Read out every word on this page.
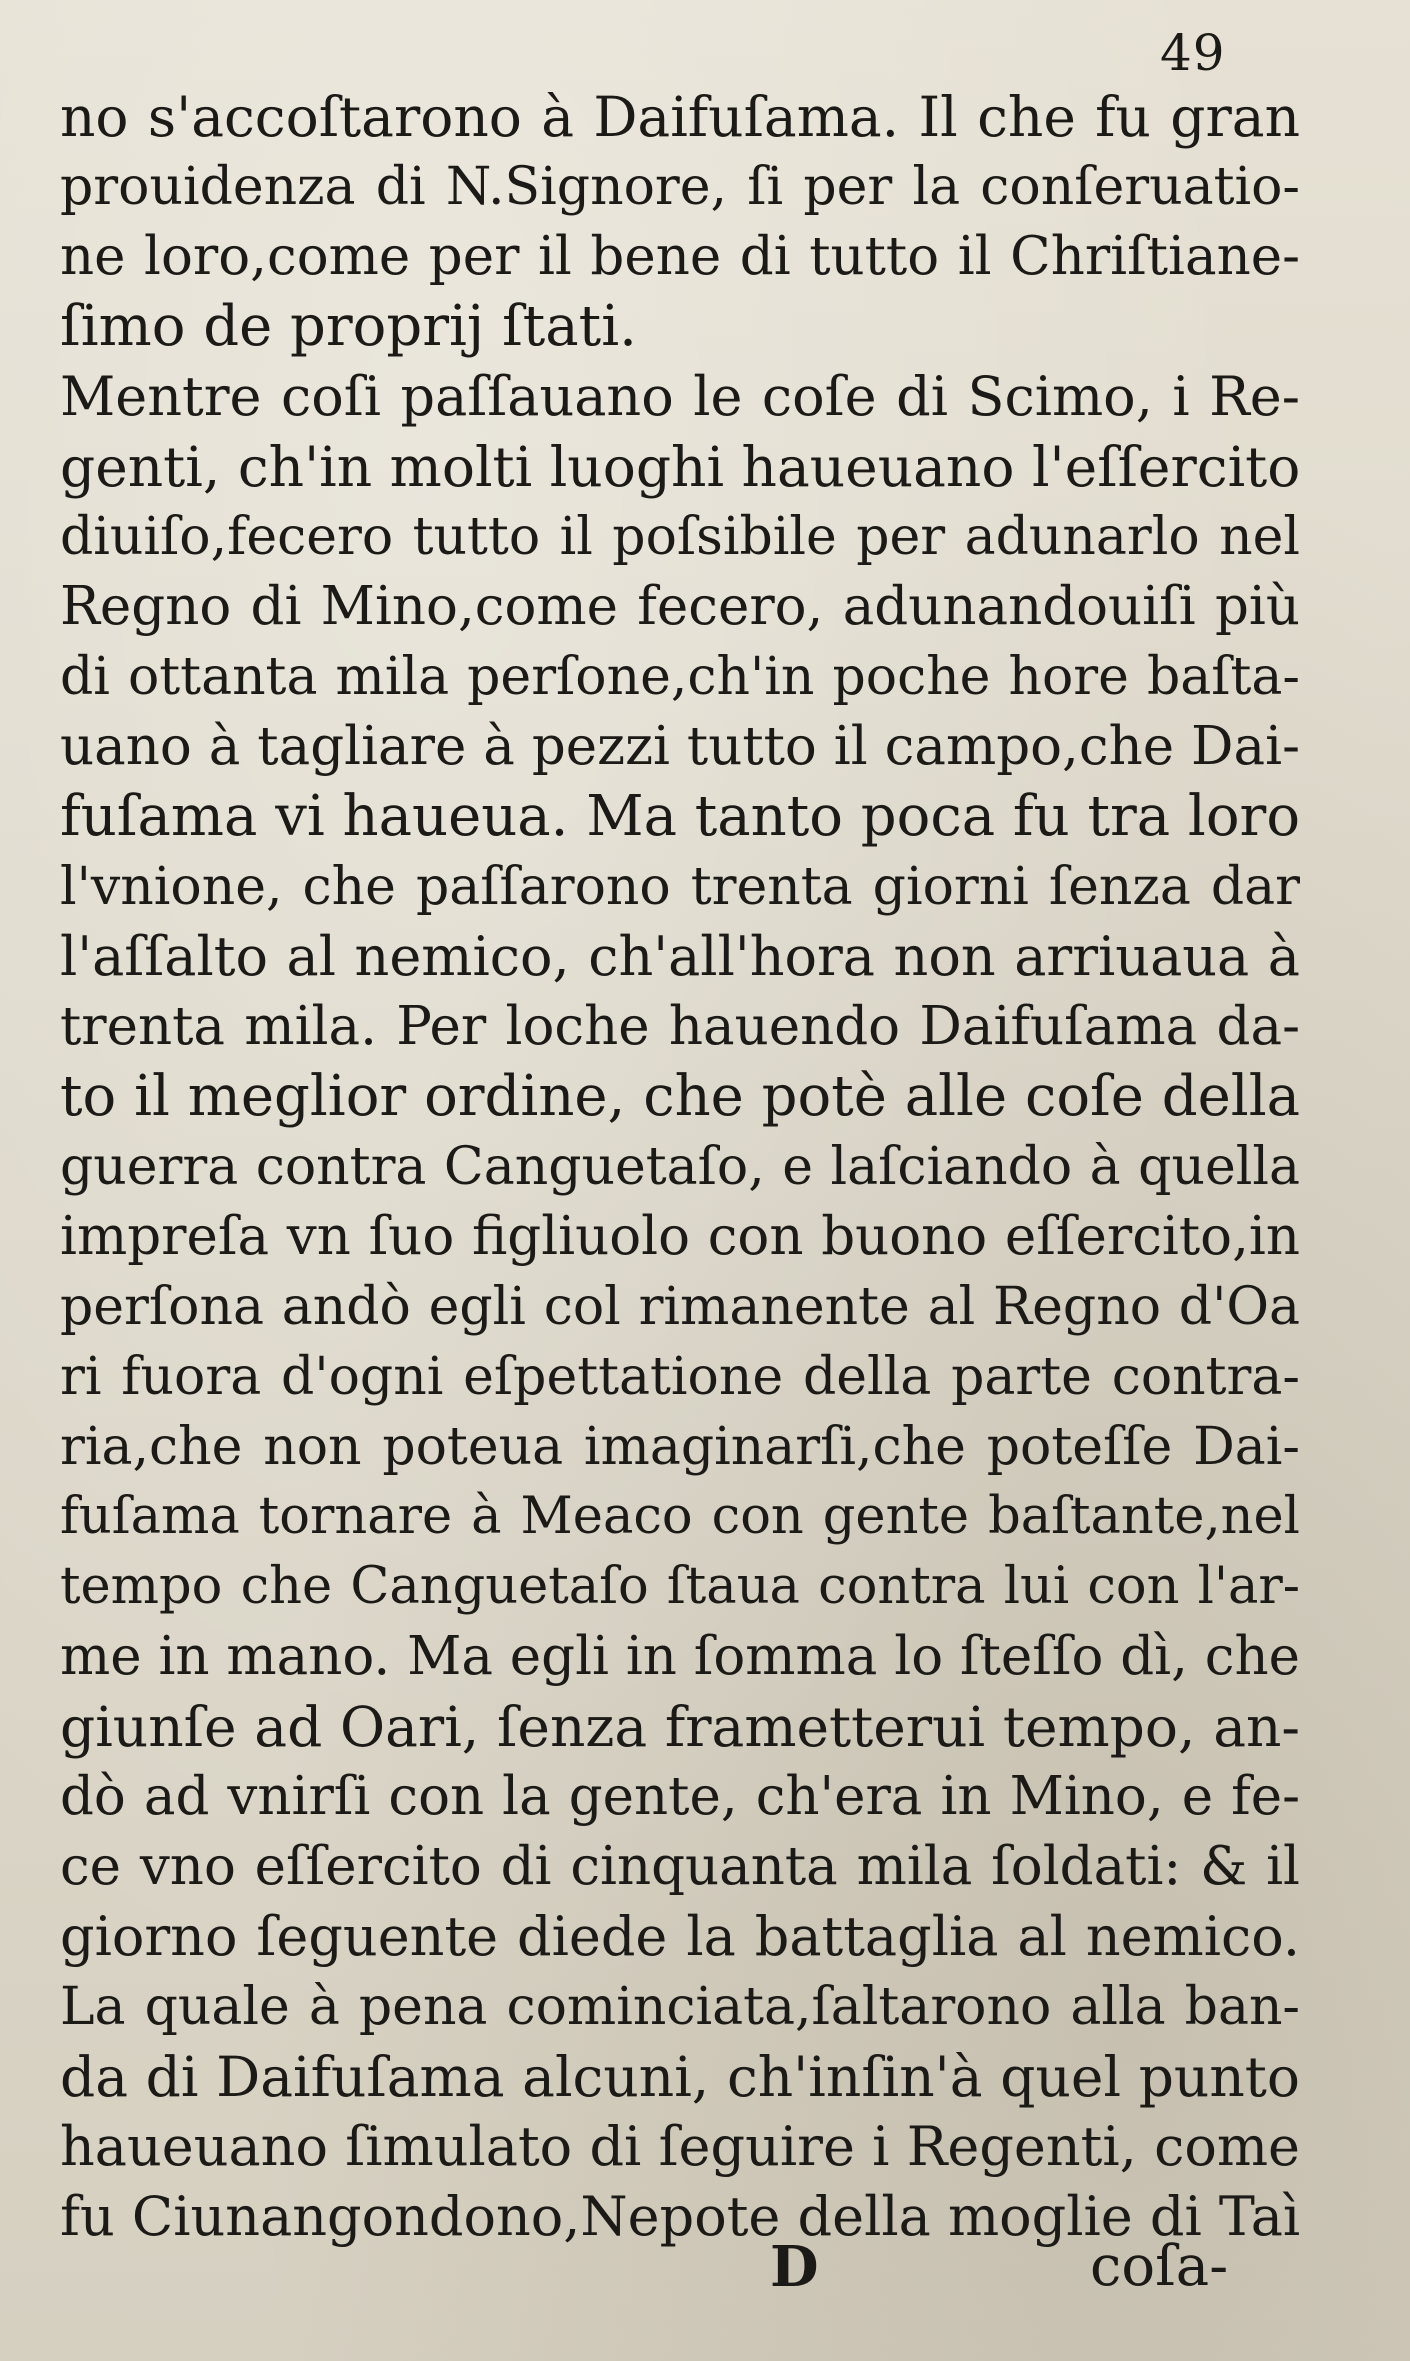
49
no s'accoſtarono à Daifuſama. Il che fu gran
prouidenza di N.Signore, ſi per la conſeruatio-
ne loro,come per il bene di tutto il Chriſtiane-
ſimo de proprij ſtati.
Mentre coſi paſſauano le coſe di Scimo, i Re-
genti, ch'in molti luoghi haueuano l'eſſercito
diuiſo,fecero tutto il poſsibile per adunarlo nel
Regno di Mino,come fecero, adunandouiſi più
di ottanta mila perſone,ch'in poche hore baſta-
uano à tagliare à pezzi tutto il campo,che Dai-
fuſama vi haueua. Ma tanto poca fu tra loro
l'vnione, che paſſarono trenta giorni ſenza dar
l'aſſalto al nemico, ch'all'hora non arriuaua à
trenta mila. Per loche hauendo Daifuſama da-
to il meglior ordine, che potè alle coſe della
guerra contra Canguetaſo, e laſciando à quella
impreſa vn ſuo figliuolo con buono eſſercito,in
perſona andò egli col rimanente al Regno d'Oa
ri fuora d'ogni eſpettatione della parte contra-
ria,che non poteua imaginarſi,che poteſſe Dai-
fuſama tornare à Meaco con gente baſtante,nel
tempo che Canguetaſo ſtaua contra lui con l'ar-
me in mano. Ma egli in ſomma lo ſteſſo dì, che
giunſe ad Oari, ſenza frametterui tempo, an-
dò ad vnirſi con la gente, ch'era in Mino, e fe-
ce vno eſſercito di cinquanta mila ſoldati: & il
giorno ſeguente diede la battaglia al nemico.
La quale à pena cominciata,ſaltarono alla ban-
da di Daifuſama alcuni, ch'inſin'à quel punto
haueuano ſimulato di ſeguire i Regenti, come
fu Ciunangondono,Nepote della moglie di Taì
D	coſa-
